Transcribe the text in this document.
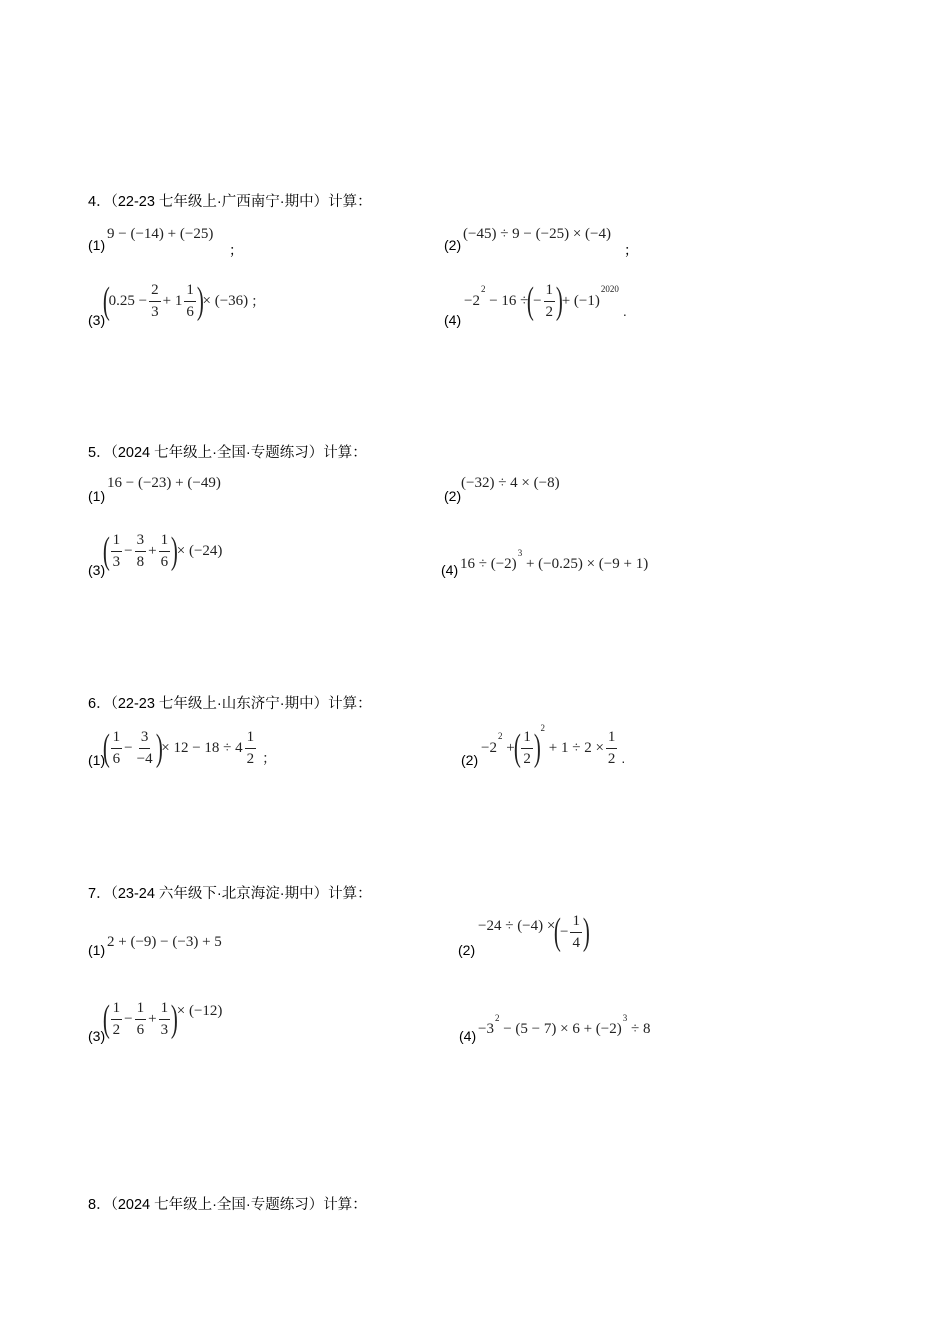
4．（22-23 七年级上·广西南宁·期中）计算：
(1)
9 − (−14) + (−25)
；	(2)
(−45) ÷ 9 − (−25) × (−4)
；
(3)
(
$0.25 - \frac{2}{3} + 1 \frac{1}{6}$ )
× (−36) ；
(4)
−2
2
− 16 ÷
(
− $\frac{1}{2}$ )
+ (−1)
2020
.
5．（2024 七年级上·全国·专题练习）计算：
(1)
16 − (−23) + (−49)
(2)
(−32) ÷ 4 × (−8)
(3)
( $\frac{1}{3} - \frac{3}{8} + \frac{1}{6}$ )
× (−24)
(4) 16 ÷ (−2)
3
+ (−0.25) × (−9 + 1)
6．（22-23 七年级上·山东济宁·期中）计算：
(1)
( $\frac{1}{6} - \frac{3}{-4}$ )
× $12 - 18 \div 4 \frac{1}{2}$ ；	(2)
−2
2
+
( $\frac{1}{2}$ ) 2
+ $1 \div 2 \times \frac{1}{2}$ .
7．（23-24 六年级下·北京海淀·期中）计算：
(1) 2 + (−9) − (−3) + 5	(2)
−24 ÷ (−4) ×
(
− $\frac{1}{4}$ )
(3)
( $\frac{1}{2} - \frac{1}{6} + \frac{1}{3}$ )
× (−12)
(4) −3
2
− (5 − 7) × 6 + (−2)
3
÷ 8
8．（2024 七年级上·全国·专题练习）计算：
